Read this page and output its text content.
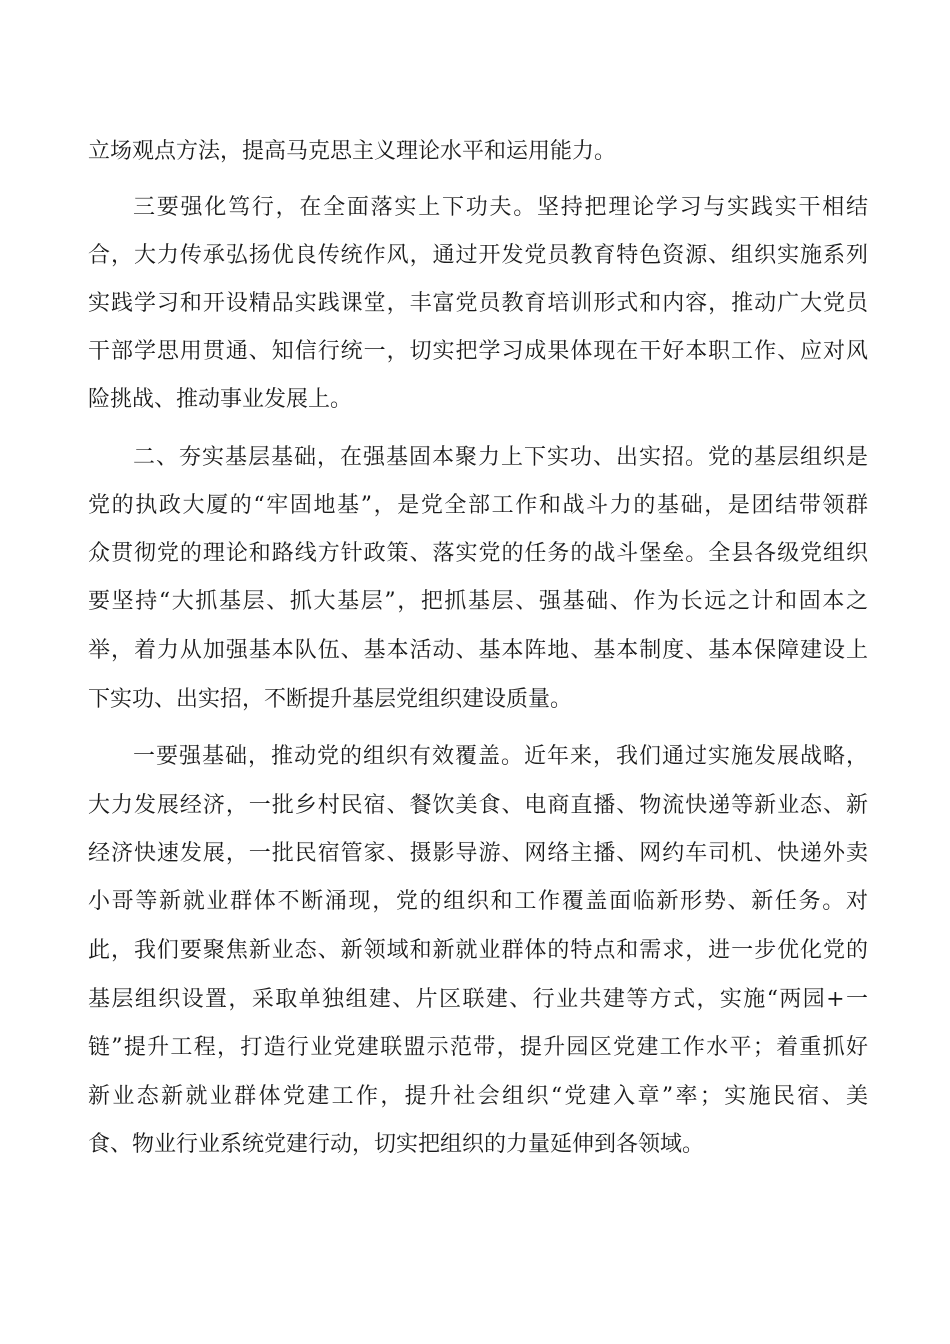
立场观点方法，提高马克思主义理论水平和运用能力。
三要强化笃行，在全面落实上下功夫。坚持把理论学习与实践实干相结
合，大力传承弘扬优良传统作风，通过开发党员教育特色资源、组织实施系列
实践学习和开设精品实践课堂，丰富党员教育培训形式和内容，推动广大党员
干部学思用贯通、知信行统一，切实把学习成果体现在干好本职工作、应对风
险挑战、推动事业发展上。
二、夯实基层基础，在强基固本聚力上下实功、出实招。党的基层组织是
党的执政大厦的“牢固地基”，是党全部工作和战斗力的基础，是团结带领群
众贯彻党的理论和路线方针政策、落实党的任务的战斗堡垒。全县各级党组织
要坚持“大抓基层、抓大基层”，把抓基层、强基础、作为长远之计和固本之
举，着力从加强基本队伍、基本活动、基本阵地、基本制度、基本保障建设上
下实功、出实招，不断提升基层党组织建设质量。
一要强基础，推动党的组织有效覆盖。近年来，我们通过实施发展战略，
大力发展经济，一批乡村民宿、餐饮美食、电商直播、物流快递等新业态、新
经济快速发展，一批民宿管家、摄影导游、网络主播、网约车司机、快递外卖
小哥等新就业群体不断涌现，党的组织和工作覆盖面临新形势、新任务。对
此，我们要聚焦新业态、新领域和新就业群体的特点和需求，进一步优化党的
基层组织设置，采取单独组建、片区联建、行业共建等方式，实施“两园+一
链”提升工程，打造行业党建联盟示范带，提升园区党建工作水平；着重抓好
新业态新就业群体党建工作，提升社会组织“党建入章”率；实施民宿、美
食、物业行业系统党建行动，切实把组织的力量延伸到各领域。
